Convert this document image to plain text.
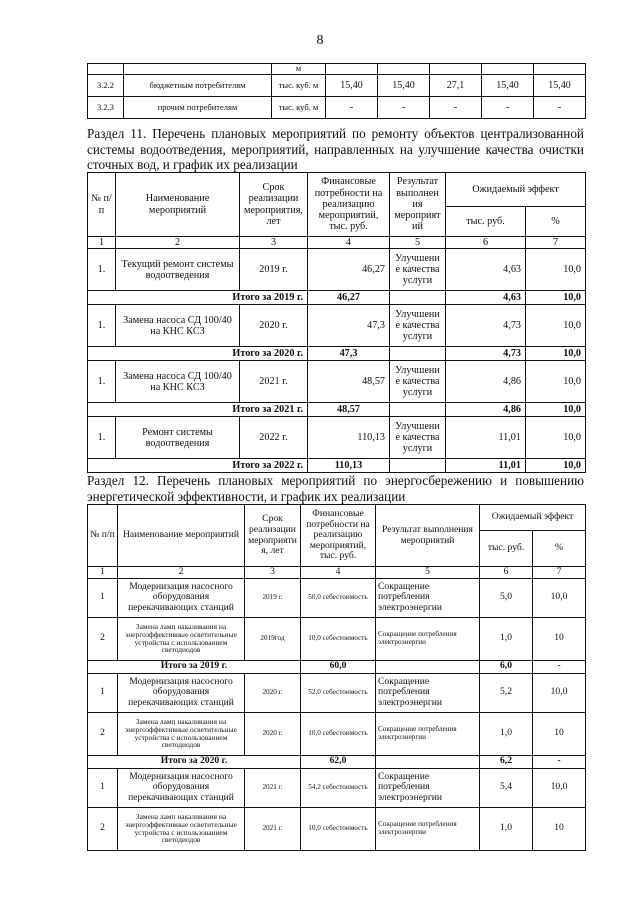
8
		м					
3.2.2	бюджетным потребителям	тыс. куб. м	15,40	15,40	27,1	15,40	15,40
3.2.3	прочим потребителям	тыс. куб. м	-	-	-	-	-
Раздел 11. Перечень плановых мероприятий по ремонту объектов централизованной системы водоотведения, мероприятий, направленных на улучшение качества очистки сточных вод, и график их реализации
№ п/ п	Наименование мероприятий	Срок реализации мероприятия, лет	Финансовые потребности на реализацию мероприятий, тыс. руб.	Результат выполнен ия мероприят ий	Ожидаемый эффект	
					тыс. руб.	%
1	2	3	4	5	6	7
1.	Текущий ремонт системы водоотведения	2019 г.	46,27	Улучшени е качества услуги	4,63	10,0
Итого за 2019 г.			46,27		4,63	10,0
1.	Замена насоса СД 100/40 на КНС КСЗ	2020 г.	47,3	Улучшени е качества услуги	4,73	10,0
Итого за 2020 г.			47,3		4,73	10,0
1.	Замена насоса СД 100/40 на КНС КСЗ	2021 г.	48,57	Улучшени е качества услуги	4,86	10,0
Итого за 2021 г.			48,57		4,86	10,0
1.	Ремонт системы водоотведения	2022 г.	110,13	Улучшени е качества услуги	11,01	10,0
Итого за 2022 г.			110,13		11,01	10,0
Раздел 12. Перечень плановых мероприятий по энергосбережению и повышению энергетической эффективности, и график их реализации
№ п/п	Наименование мероприятий	Срок реализации мероприяти я, лет	Финансовые потребности на реализацию мероприятий, тыс. руб.	Результат выполнения мероприятий	Ожидаемый эффект	
					тыс. руб.	%
1	2	3	4	5	6	7
1	Модернизация насосного оборудования перекачивающих станций	2019 г.	50,0 себестоимость	Сокращение потребления электроэнергии	5,0	10,0
2	Замена ламп накаливания на энергоэффективные осветительные устройства с использованием светодиодов	2019год	10,0 себестоимость	Сокращение потребления электроэнергии	1,0	10
Итого за 2019 г.			60,0		6,0	-
1	Модернизация насосного оборудования перекачивающих станций	2020 г.	52,0 себестоимость	Сокращение потребления электроэнергии	5,2	10,0
2	Замена ламп накаливания на энергоэффективные осветительные устройства с использованием светодиодов	2020 г.	10,0 себестоимость	Сокращение потребления электроэнергии	1,0	10
Итого за 2020 г.			62,0		6,2	-
1	Модернизация насосного оборудования перекачивающих станций	2021 г.	54,2 себестоимость	Сокращение потребления электроэнергии	5,4	10,0
2	Замена ламп накаливания на энергоэффективные осветительные устройства с использованием светодиодов	2021 г.	10,0 себестоимость	Сокращение потребления электроэнергии	1,0	10
